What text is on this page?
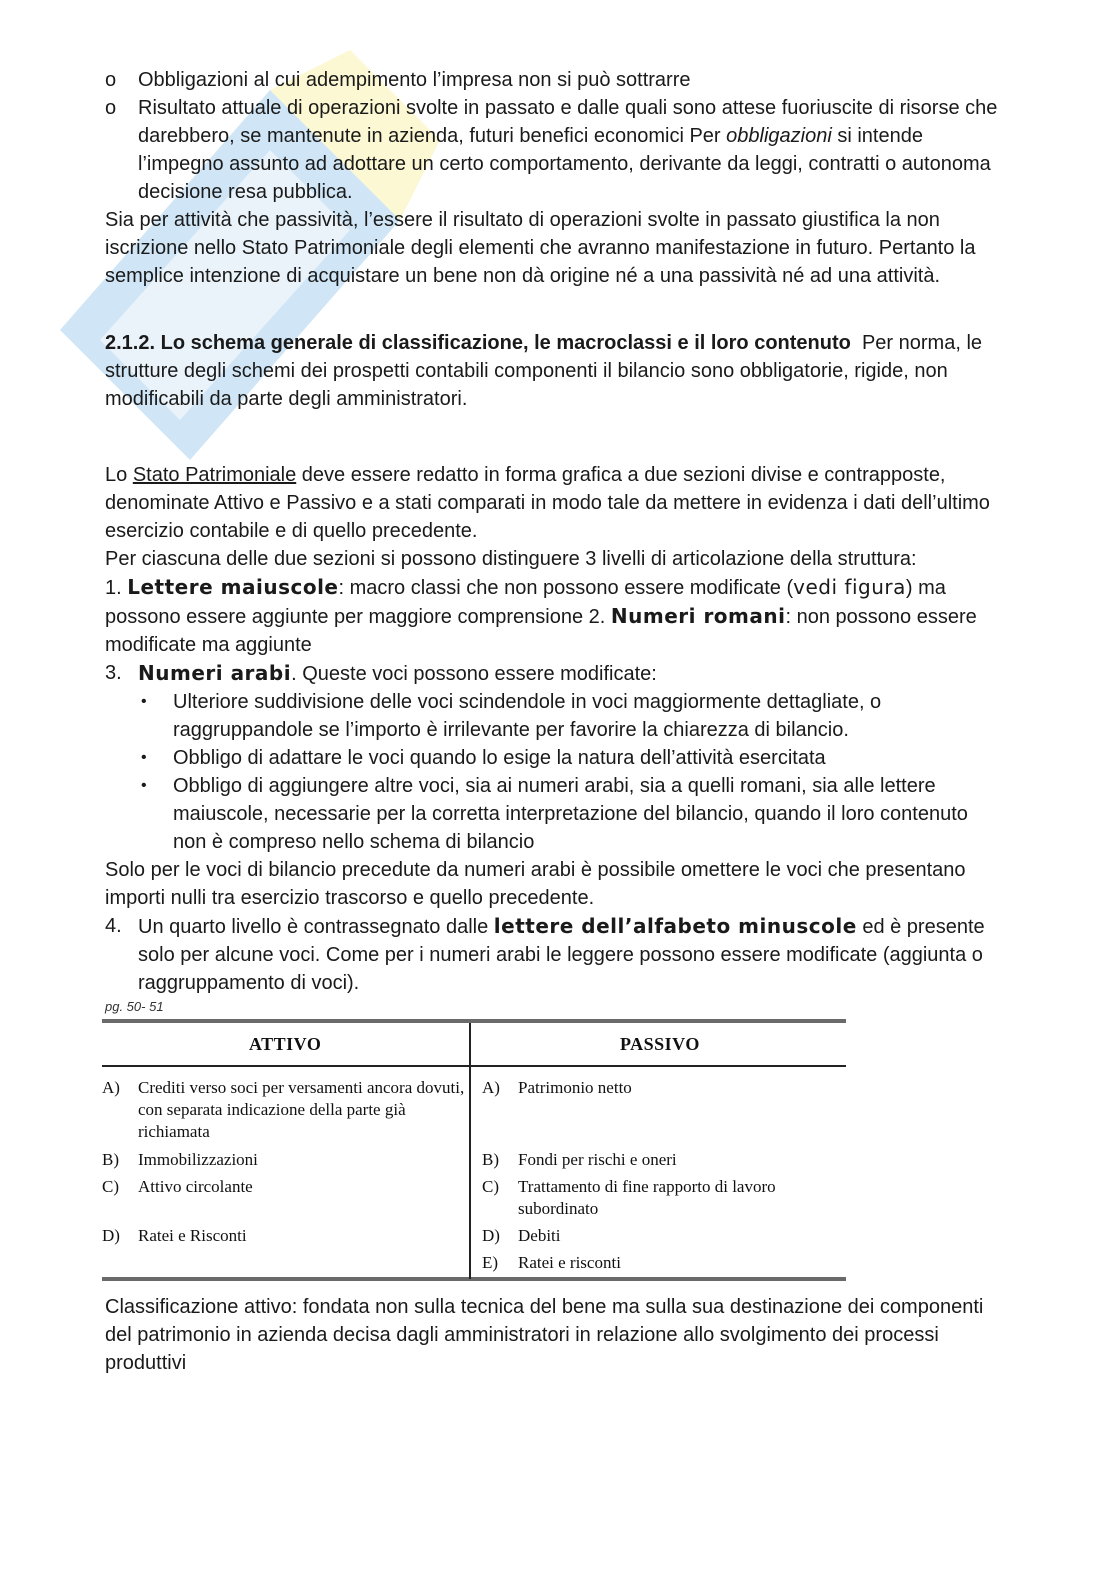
o Obbligazioni al cui adempimento l’impresa non si può sottrarre
o Risultato attuale di operazioni svolte in passato e dalle quali sono attese fuoriuscite di risorse che darebbero, se mantenute in azienda, futuri benefici economici Per obbligazioni si intende l’impegno assunto ad adottare un certo comportamento, derivante da leggi, contratti o autonoma decisione resa pubblica.

Sia per attività che passività, l’essere il risultato di operazioni svolte in passato giustifica la non iscrizione nello Stato Patrimoniale degli elementi che avranno manifestazione in futuro. Pertanto la semplice intenzione di acquistare un bene non dà origine né a una passività né ad una attività.

2.1.2. Lo schema generale di classificazione, le macroclassi e il loro contenuto Per norma, le strutture degli schemi dei prospetti contabili componenti il bilancio sono obbligatorie, rigide, non modificabili da parte degli amministratori.

Lo Stato Patrimoniale deve essere redatto in forma grafica a due sezioni divise e contrapposte, denominate Attivo e Passivo e a stati comparati in modo tale da mettere in evidenza i dati dell’ultimo esercizio contabile e di quello precedente.

Per ciascuna delle due sezioni si possono distinguere 3 livelli di articolazione della struttura:

1. Lettere maiuscole: macro classi che non possono essere modificate (vedi figura) ma possono essere aggiunte per maggiore comprensione 2. Numeri romani: non possono essere modificate ma aggiunte

3. Numeri arabi. Queste voci possono essere modificate:
• Ulteriore suddivisione delle voci scindendole in voci maggiormente dettagliate, o raggruppandole se l’importo è irrilevante per favorire la chiarezza di bilancio.
• Obbligo di adattare le voci quando lo esige la natura dell’attività esercitata
• Obbligo di aggiungere altre voci, sia ai numeri arabi, sia a quelli romani, sia alle lettere maiuscole, necessarie per la corretta interpretazione del bilancio, quando il loro contenuto non è compreso nello schema di bilancio

Solo per le voci di bilancio precedute da numeri arabi è possibile omettere le voci che presentano importi nulli tra esercizio trascorso e quello precedente.

4. Un quarto livello è contrassegnato dalle lettere dell’alfabeto minuscole ed è presente solo per alcune voci. Come per i numeri arabi le leggere possono essere modificate (aggiunta o raggruppamento di voci).

pg. 50- 51

ATTIVO	PASSIVO
A) Crediti verso soci per versamenti ancora dovuti, con separata indicazione della parte già richiamata
B) Immobilizzazioni
C) Attivo circolante
D) Ratei e Risconti
A) Patrimonio netto
B) Fondi per rischi e oneri
C) Trattamento di fine rapporto di lavoro subordinato
D) Debiti
E) Ratei e risconti

Classificazione attivo: fondata non sulla tecnica del bene ma sulla sua destinazione dei componenti del patrimonio in azienda decisa dagli amministratori in relazione allo svolgimento dei processi produttivi
